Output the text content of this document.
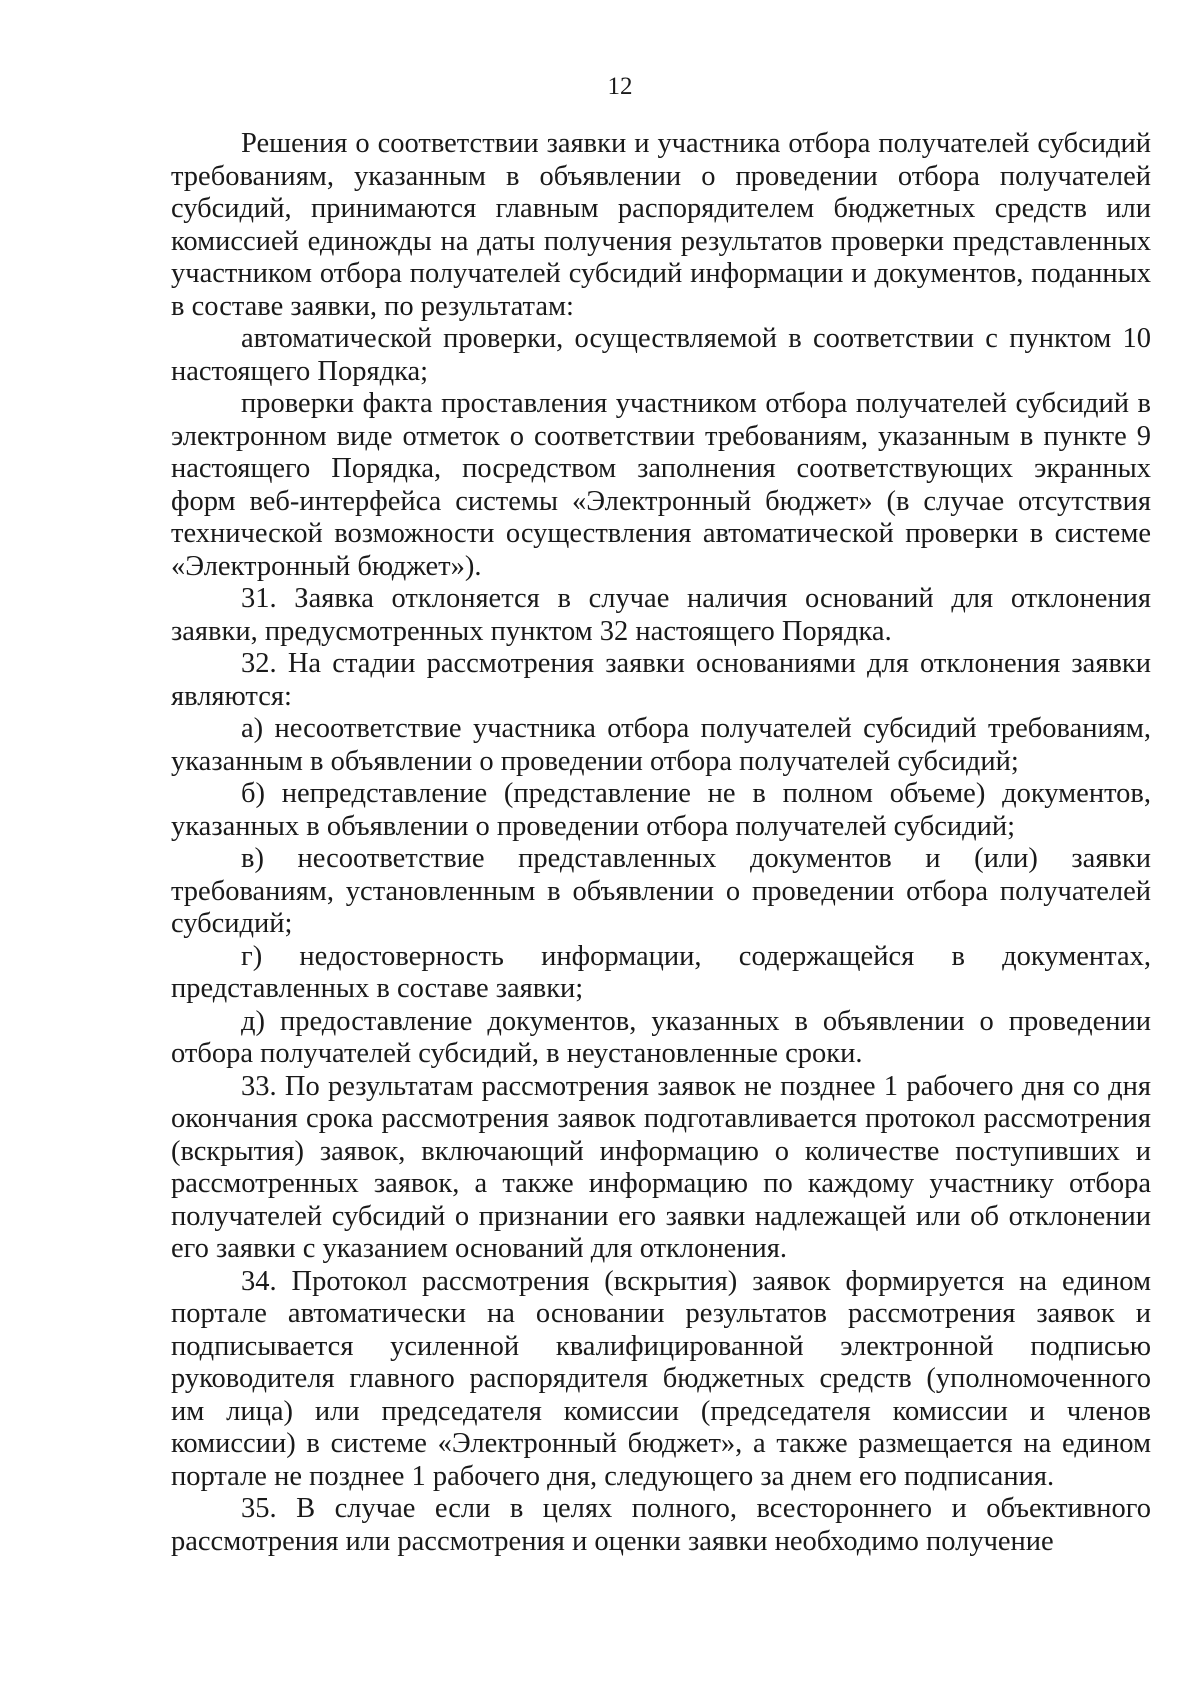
12

Решения о соответствии заявки и участника отбора получателей субсидий требованиям, указанным в объявлении о проведении отбора получателей субсидий, принимаются главным распорядителем бюджетных средств или комиссией единожды на даты получения результатов проверки представленных участником отбора получателей субсидий информации и документов, поданных в составе заявки, по результатам:

автоматической проверки, осуществляемой в соответствии с пунктом 10 настоящего Порядка;

проверки факта проставления участником отбора получателей субсидий в электронном виде отметок о соответствии требованиям, указанным в пункте 9 настоящего Порядка, посредством заполнения соответствующих экранных форм веб-интерфейса системы «Электронный бюджет» (в случае отсутствия технической возможности осуществления автоматической проверки в системе «Электронный бюджет»).

31. Заявка отклоняется в случае наличия оснований для отклонения заявки, предусмотренных пунктом 32 настоящего Порядка.

32. На стадии рассмотрения заявки основаниями для отклонения заявки являются:

а) несоответствие участника отбора получателей субсидий требованиям, указанным в объявлении о проведении отбора получателей субсидий;

б) непредставление (представление не в полном объеме) документов, указанных в объявлении о проведении отбора получателей субсидий;

в) несоответствие представленных документов и (или) заявки требованиям, установленным в объявлении о проведении отбора получателей субсидий;

г) недостоверность информации, содержащейся в документах, представленных в составе заявки;

д) предоставление документов, указанных в объявлении о проведении отбора получателей субсидий, в неустановленные сроки.

33. По результатам рассмотрения заявок не позднее 1 рабочего дня со дня окончания срока рассмотрения заявок подготавливается протокол рассмотрения (вскрытия) заявок, включающий информацию о количестве поступивших и рассмотренных заявок, а также информацию по каждому участнику отбора получателей субсидий о признании его заявки надлежащей или об отклонении его заявки с указанием оснований для отклонения.

34. Протокол рассмотрения (вскрытия) заявок формируется на едином портале автоматически на основании результатов рассмотрения заявок и подписывается усиленной квалифицированной электронной подписью руководителя главного распорядителя бюджетных средств (уполномоченного им лица) или председателя комиссии (председателя комиссии и членов комиссии) в системе «Электронный бюджет», а также размещается на едином портале не позднее 1 рабочего дня, следующего за днем его подписания.

35. В случае если в целях полного, всестороннего и объективного рассмотрения или рассмотрения и оценки заявки необходимо получение
